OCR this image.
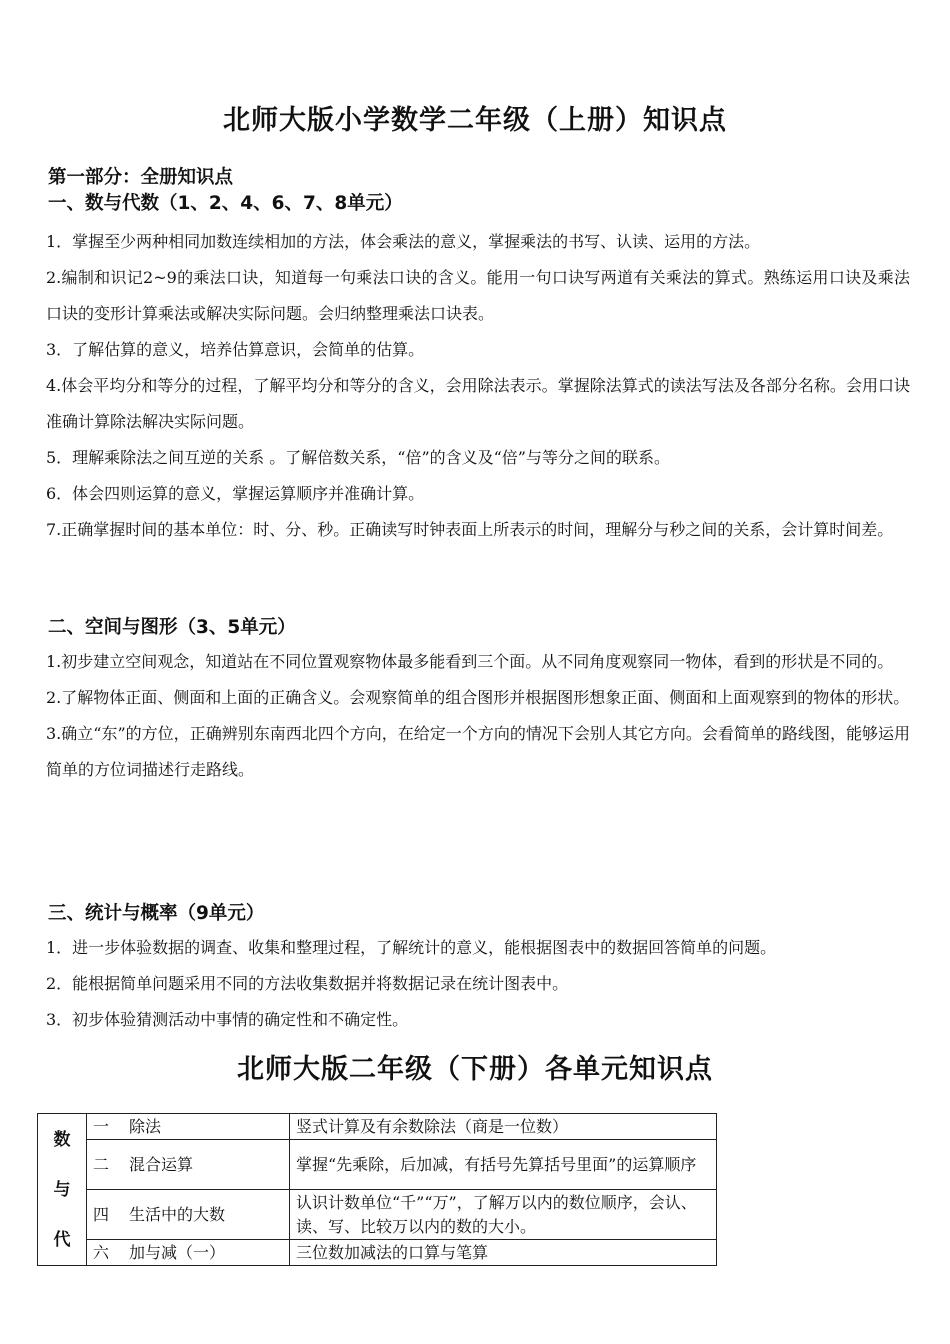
北师大版小学数学二年级（上册）知识点
第一部分：全册知识点
一、数与代数（1、2、4、6、7、8单元）

1．掌握至少两种相同加数连续相加的方法，体会乘法的意义，掌握乘法的书写、认读、运用的方法。

2.编制和识记2~9的乘法口诀，知道每一句乘法口诀的含义。能用一句口诀写两道有关乘法的算式。熟练运用口诀及乘法口诀的变形计算乘法或解决实际问题。会归纳整理乘法口诀表。

3．了解估算的意义，培养估算意识，会简单的估算。

4.体会平均分和等分的过程，了解平均分和等分的含义，会用除法表示。掌握除法算式的读法写法及各部分名称。会用口诀准确计算除法解决实际问题。

5．理解乘除法之间互逆的关系 。了解倍数关系，“倍”的含义及“倍”与等分之间的联系。

6．体会四则运算的意义，掌握运算顺序并准确计算。

7.正确掌握时间的基本单位：时、分、秒。正确读写时钟表面上所表示的时间，理解分与秒之间的关系，会计算时间差。

二、空间与图形（3、5单元）

1.初步建立空间观念，知道站在不同位置观察物体最多能看到三个面。从不同角度观察同一物体，看到的形状是不同的。

2.了解物体正面、侧面和上面的正确含义。会观察简单的组合图形并根据图形想象正面、侧面和上面观察到的物体的形状。

3.确立“东”的方位，正确辨别东南西北四个方向，在给定一个方向的情况下会别人其它方向。会看简单的路线图，能够运用简单的方位词描述行走路线。

三、统计与概率（9单元）

1．进一步体验数据的调查、收集和整理过程，了解统计的意义，能根据图表中的数据回答简单的问题。

2．能根据简单问题采用不同的方法收集数据并将数据记录在统计图表中。

3．初步体验猜测活动中事情的确定性和不确定性。

北师大版二年级（下册）各单元知识点
数
与
代	一 除法	竖式计算及有余数除法（商是一位数）
	二 混合运算	掌握“先乘除，后加减，有括号先算括号里面”的运算顺序
	四 生活中的大数	认识计数单位“千”“万”，了解万以内的数位顺序，会认、读、写、比较万以内的数的大小。
	六 加与减（一）	三位数加减法的口算与笔算
